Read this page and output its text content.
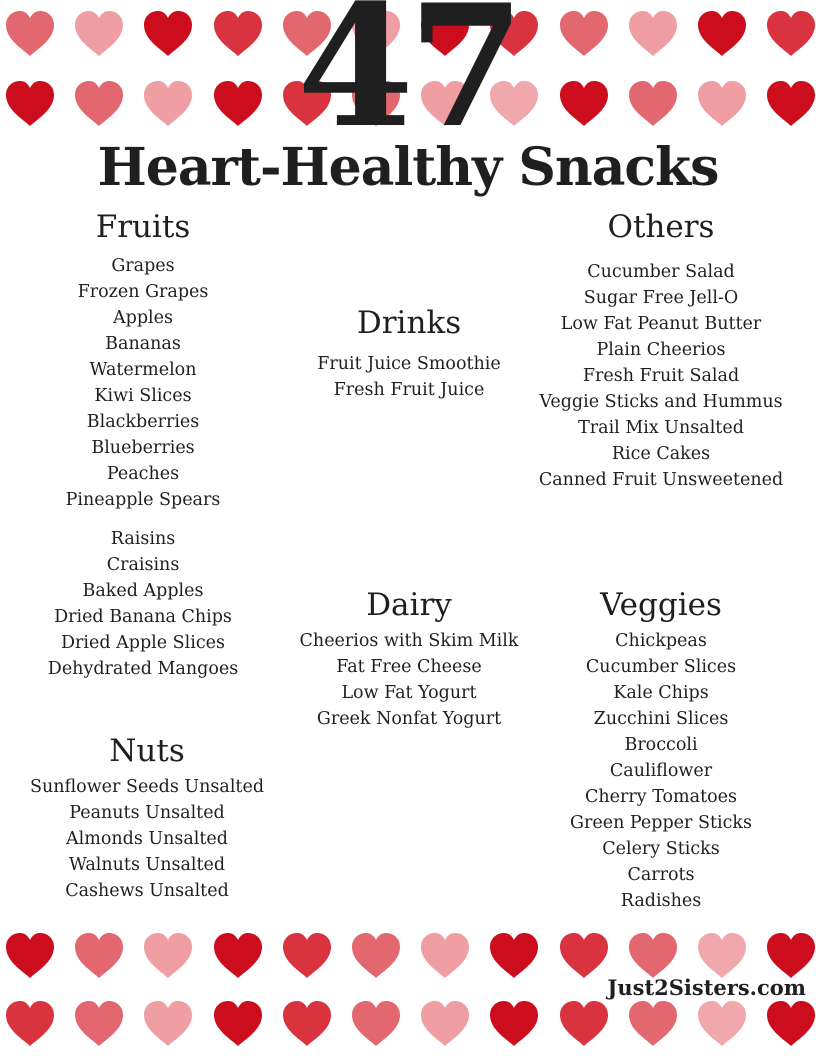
47
Heart-Healthy Snacks
Fruits
Grapes
Frozen Grapes
Apples
Bananas
Watermelon
Kiwi Slices
Blackberries
Blueberries
Peaches
Pineapple Spears
Raisins
Craisins
Baked Apples
Dried Banana Chips
Dried Apple Slices
Dehydrated Mangoes
Drinks
Fruit Juice Smoothie
Fresh Fruit Juice
Others
Cucumber Salad
Sugar Free Jell-O
Low Fat Peanut Butter
Plain Cheerios
Fresh Fruit Salad
Veggie Sticks and Hummus
Trail Mix Unsalted
Rice Cakes
Canned Fruit Unsweetened
Dairy
Cheerios with Skim Milk
Fat Free Cheese
Low Fat Yogurt
Greek Nonfat Yogurt
Veggies
Chickpeas
Cucumber Slices
Kale Chips
Zucchini Slices
Broccoli
Cauliflower
Cherry Tomatoes
Green Pepper Sticks
Celery Sticks
Carrots
Radishes
Nuts
Sunflower Seeds Unsalted
Peanuts Unsalted
Almonds Unsalted
Walnuts Unsalted
Cashews Unsalted
Just2Sisters.com
